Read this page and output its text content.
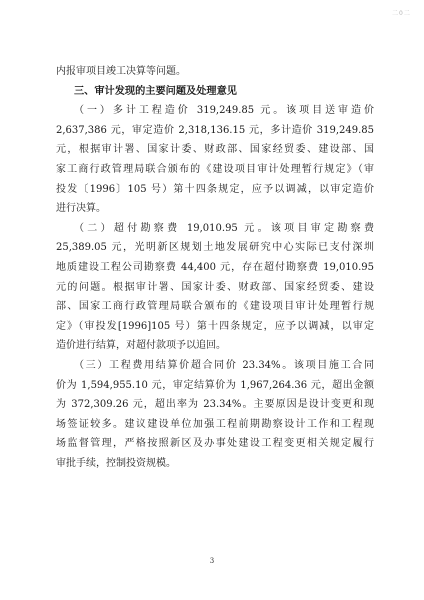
二0二
内报审项目竣工决算等问题。
三、审计发现的主要问题及处理意见
（一）多计工程造价 319,249.85 元。该项目送审造价
2,637,386 元，审定造价 2,318,136.15 元，多计造价 319,249.85
元，根据审计署、国家计委、财政部、国家经贸委、建设部、国
家工商行政管理局联合颁布的《建设项目审计处理暂行规定》（审
投发〔1996〕105 号）第十四条规定，应予以调减，以审定造价
进行决算。
（二）超付勘察费 19,010.95 元。该项目审定勘察费
25,389.05 元，光明新区规划土地发展研究中心实际已支付深圳
地质建设工程公司勘察费 44,400 元，存在超付勘察费 19,010.95
元的问题。根据审计署、国家计委、财政部、国家经贸委、建设
部、国家工商行政管理局联合颁布的《建设项目审计处理暂行规
定》（审投发[1996]105 号）第十四条规定，应予以调减，以审定
造价进行结算，对超付款项予以追回。
（三）工程费用结算价超合同价 23.34%。该项目施工合同
价为 1,594,955.10 元，审定结算价为 1,967,264.36 元，超出金额
为 372,309.26 元，超出率为 23.34%。主要原因是设计变更和现
场签证较多。建议建设单位加强工程前期勘察设计工作和工程现
场监督管理，严格按照新区及办事处建设工程变更相关规定履行
审批手续，控制投资规模。
3
